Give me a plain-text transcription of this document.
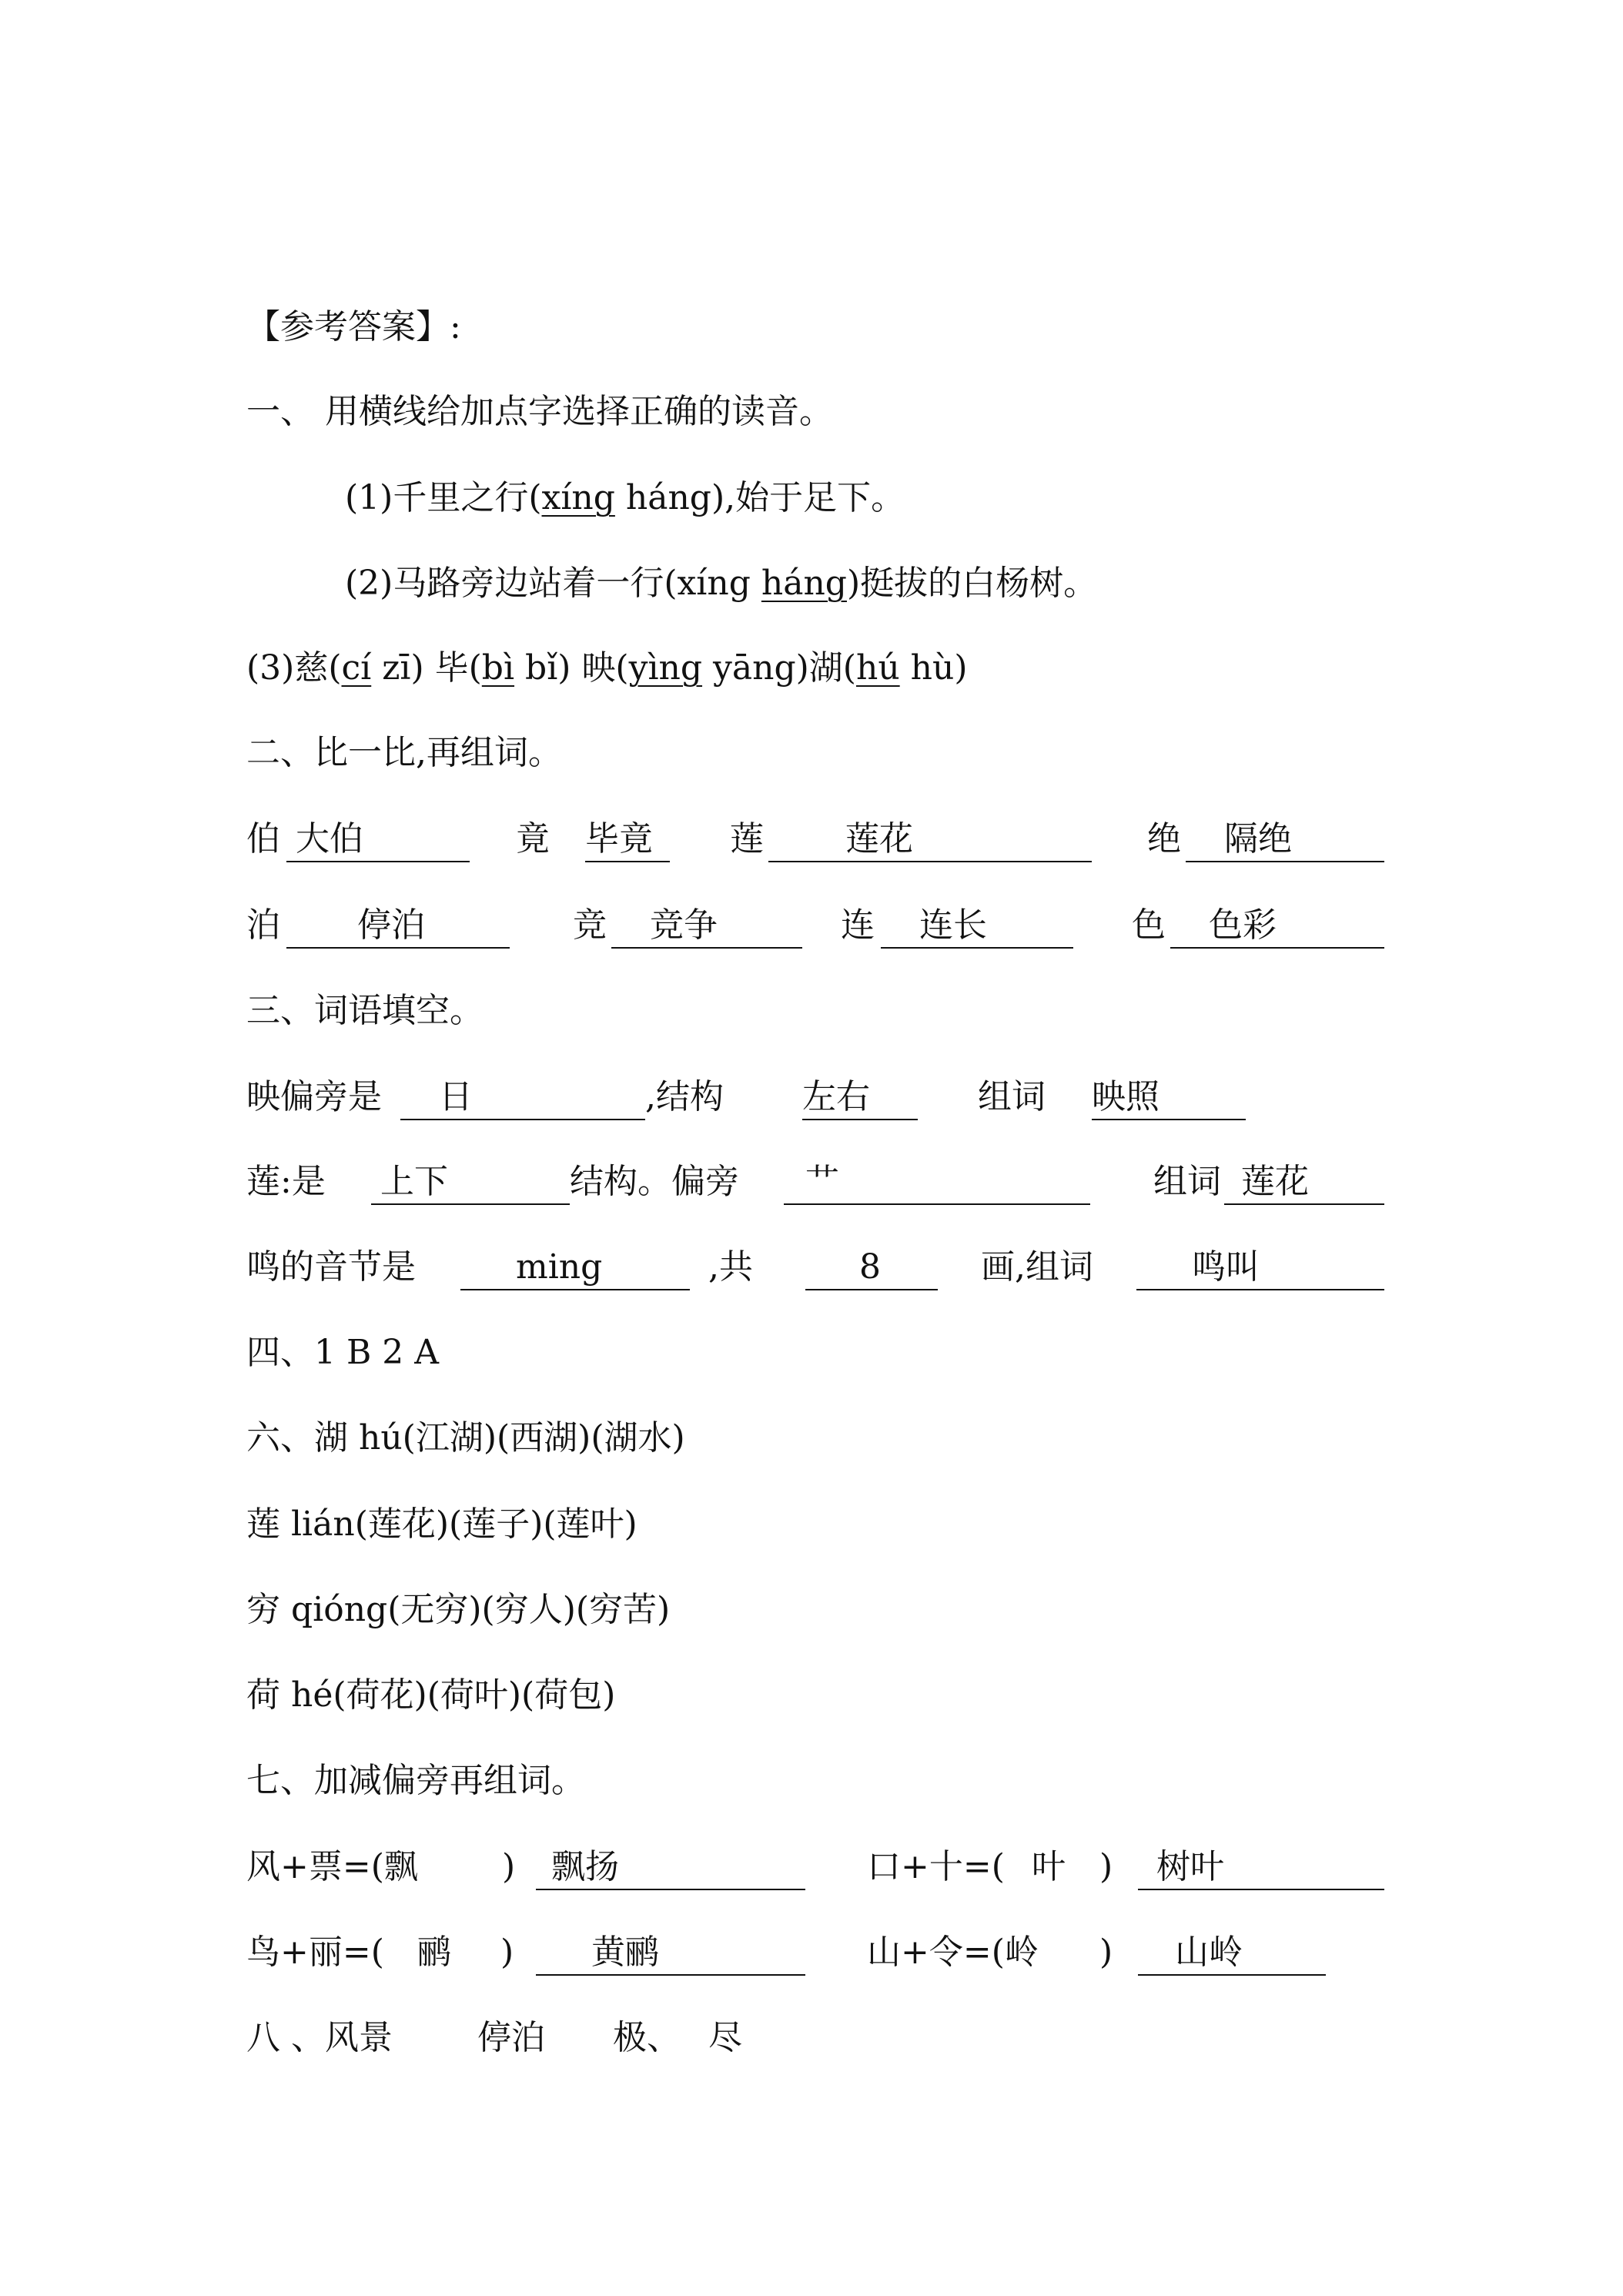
【参考答案】:
一、 用横线给加点字选择正确的读音。
(1)千里之行(xíng háng),始于足下。
(2)马路旁边站着一行(xíng háng)挺拔的白杨树。
(3)慈(cí zī) 毕(bì bǐ) 映(yìng yāng)湖(hú hù)
二、比一比,再组词。
伯 大伯	竟 毕竟	莲	莲花	绝	隔绝
泊	停泊	竞	竞争	连	连长	色	色彩
三、词语填空。
映偏旁是	日	,结构 左右	组词 映照
莲:是 上下	结构。偏旁	艹	组词 莲花
鸣的音节是	ming	,共	8	画,组词	鸣叫
四、1 B 2 A
六、湖 hú(江湖)(西湖)(湖水)
莲 lián(莲花)(莲子)(莲叶)
穷 qióng(无穷)(穷人)(穷苦)
荷 hé(荷花)(荷叶)(荷包)
七、加减偏旁再组词。
风+票=(飘 )	飘扬	口+十=( 叶 )	树叶
鸟+丽=( 鹂 )	黄鹂	山+令=(岭 )	山岭
八 、风景	停泊 极、 尽
